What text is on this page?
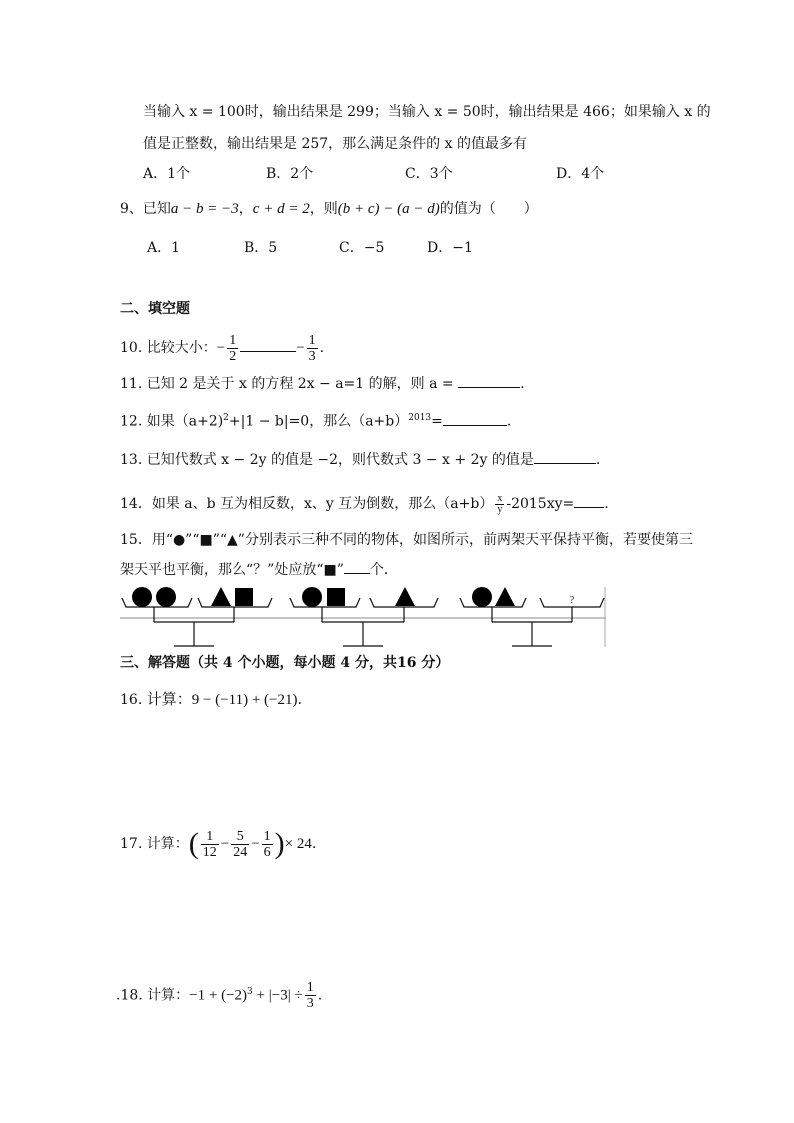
当输入 x = 100时，输出结果是 299；当输入 x = 50时，输出结果是 466；如果输入 x 的
值是正整数，输出结果是 257，那么满足条件的 x 的值最多有
A．1个	B．2个	C．3个	D．4个
9、已知a − b = −3，c + d = 2，则(b + c) − (a − d)的值为（　　）
A．1	B．5	C．−5	D．−1
二、填空题
10. 比较大小：− $\frac{1}{2}$	− $\frac{1}{3}$ .
11. 已知 2 是关于 x 的方程 2x − a=1 的解，则 a =	.
12. 如果（a+2)$^2$+|1 − b|=0，那么$(a+b)^{2013}=$	.
13. 已知代数式 x − 2y 的值是 −2，则代数式 3 − x + 2y 的值是	.
14．如果 a、b 互为相反数，x、y 互为倒数，那么$(a+b) \frac{x}{y} -2015xy=$ .
15．用“●”“■”“▲”分别表示三种不同的物体，如图所示，前两架天平保持平衡，若要使第三
架天平也平衡，那么“？”处应放“■” 个．
?
三、解答题（共 4 个小题，每小题 4 分，共16 分）
16. 计算：9 − (−11) + (−21).
17. 计算：( $\frac{1}{12} - \frac{5}{24} - \frac{1}{6}$ )× 24.
.18. 计算：$-1 + (-2)^3 + |-3| \div \frac{1}{3}$ .
